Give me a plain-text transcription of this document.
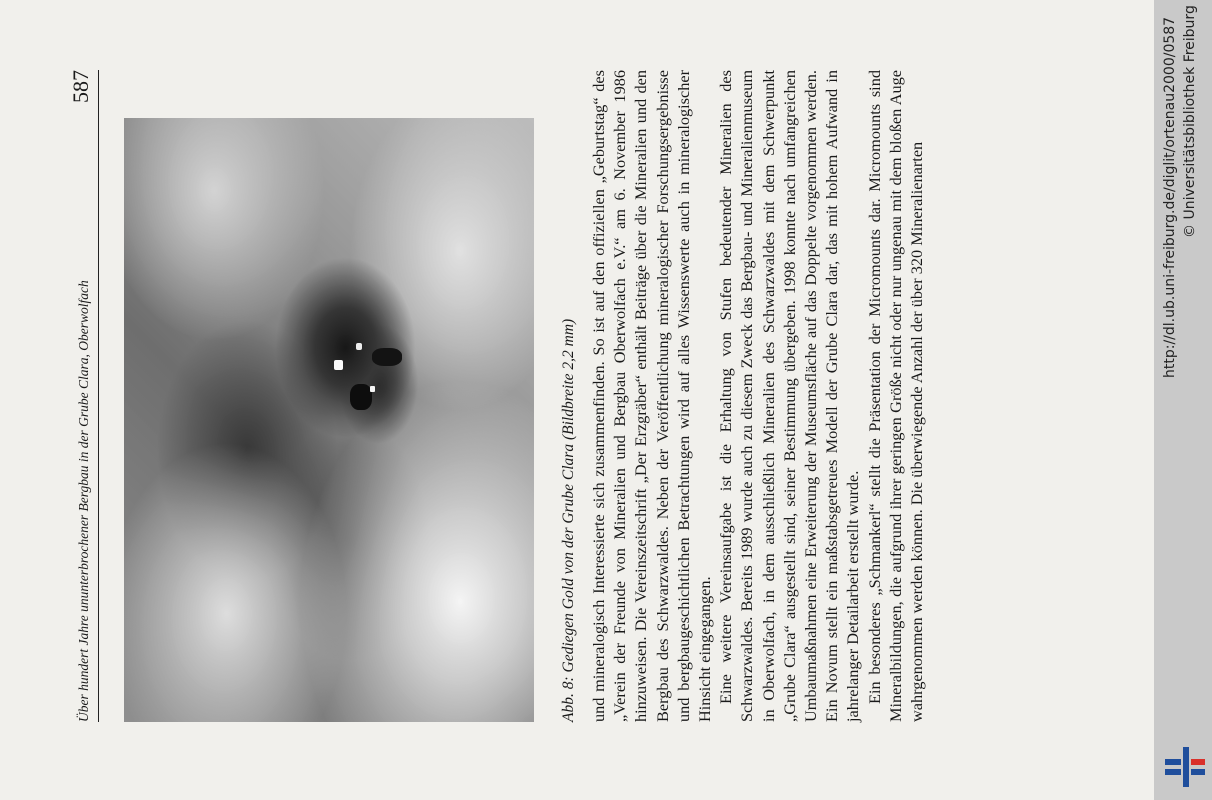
Über hundert Jahre ununterbrochener Bergbau in der Grube Clara, Oberwolfach
587
Abb. 8: Gediegen Gold von der Grube Clara (Bildbreite 2,2 mm) und mineralogisch Interessierte sich zusammenfinden. So ist auf den offiziellen „Geburtstag“ des „Verein der Freunde von Mineralien und Bergbau Oberwolfach e.V.“ am 6. November 1986 hinzuweisen. Die Vereinszeitschrift „Der Erzgräber“ enthält Beiträge über die Mineralien und den Bergbau des Schwarzwaldes. Neben der Veröffentlichung mineralogischer Forschungsergebnisse und bergbaugeschichtlichen Betrachtungen wird auf alles Wissenswerte auch in mineralogischer Hinsicht eingegangen. Eine weitere Vereinsaufgabe ist die Erhaltung von Stufen bedeutender Mineralien des Schwarzwaldes. Bereits 1989 wurde auch zu diesem Zweck das Bergbau- und Mineralienmuseum in Oberwolfach, in dem ausschließlich Mineralien des Schwarzwaldes mit dem Schwerpunkt „Grube Clara“ ausgestellt sind, seiner Bestimmung übergeben. 1998 konnte nach umfangreichen Umbaumaßnahmen eine Erweiterung der Museumsfläche auf das Doppelte vorgenommen werden. Ein Novum stellt ein maßstabsgetreues Modell der Grube Clara dar, das mit hohem Aufwand in jahrelanger Detailarbeit erstellt wurde. Ein besonderes „Schmankerl“ stellt die Präsentation der Micromounts dar. Micromounts sind Mineralbildungen, die aufgrund ihrer geringen Größe nicht oder nur ungenau mit dem bloßen Auge wahrgenommen werden können. Die überwiegende Anzahl der über 320 Mineralienarten	http://dl.ub.uni-freiburg.de/diglit/ortenau2000/0587 © Universitätsbibliothek Freiburg
